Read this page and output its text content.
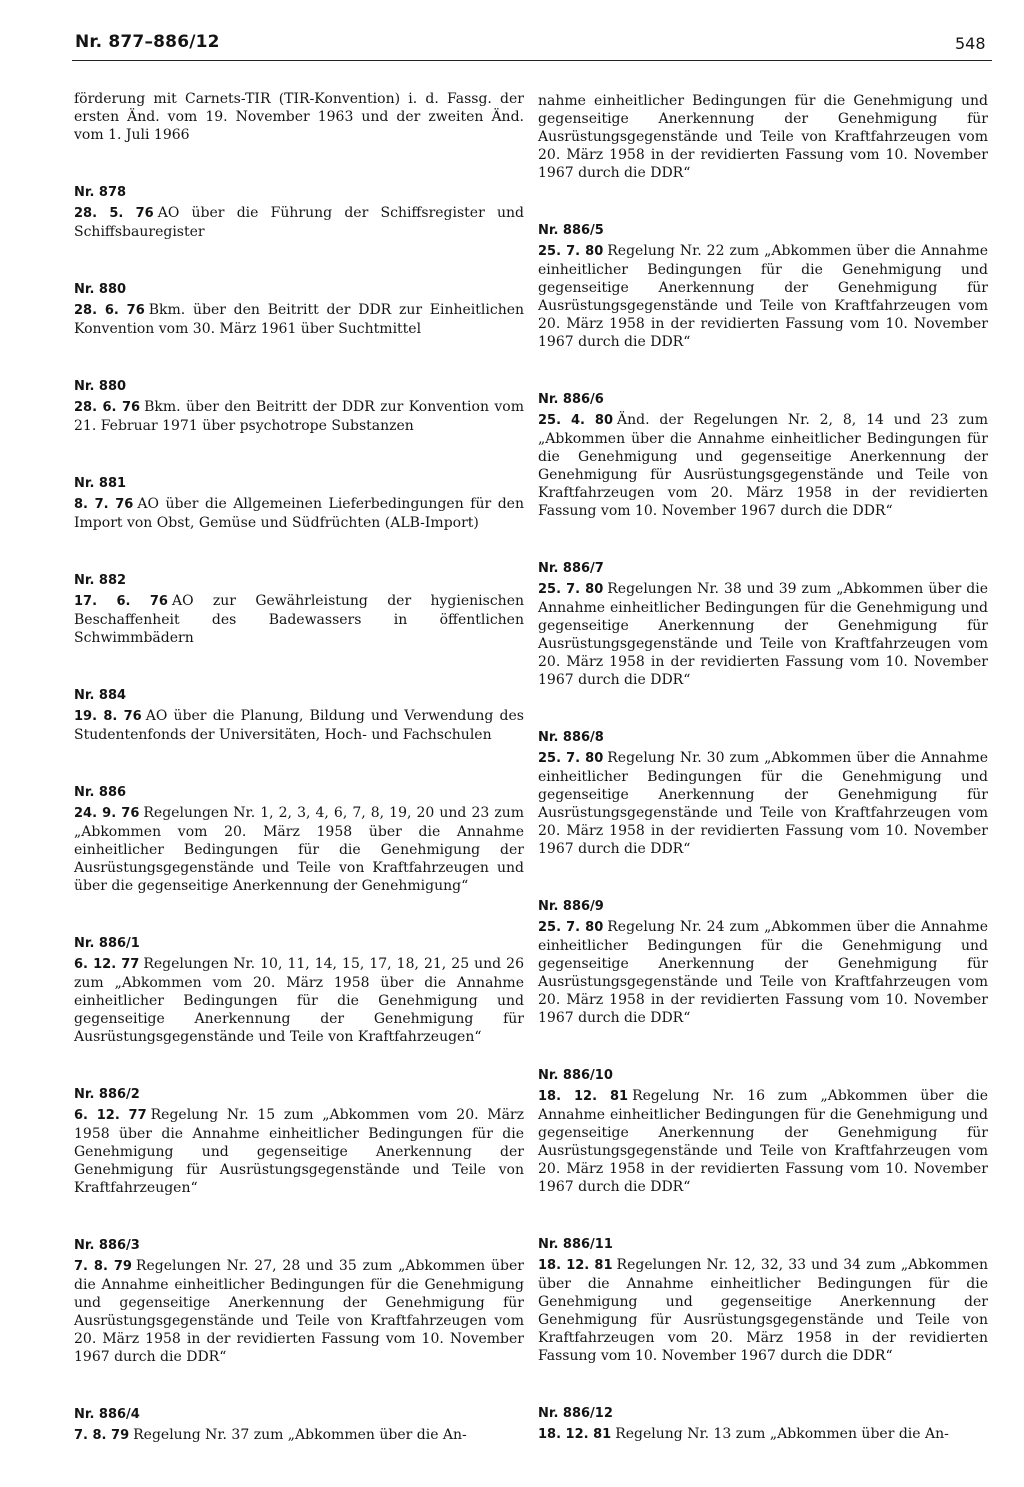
Nr. 877–886/12	548
förderung mit Carnets-TIR (TIR-Konvention) i. d. Fassg. der ersten Änd. vom 19. November 1963 und der zweiten Änd. vom 1. Juli 1966
Nr. 878
28. 5. 76 AO über die Führung der Schiffsregister und Schiffsbauregister
Nr. 880
28. 6. 76 Bkm. über den Beitritt der DDR zur Einheitlichen Konvention vom 30. März 1961 über Suchtmittel
Nr. 880
28. 6. 76 Bkm. über den Beitritt der DDR zur Konvention vom 21. Februar 1971 über psychotrope Substanzen
Nr. 881
8. 7. 76 AO über die Allgemeinen Lieferbedingungen für den Import von Obst, Gemüse und Südfrüchten (ALB-Import)
Nr. 882
17. 6. 76 AO zur Gewährleistung der hygienischen Beschaffenheit des Badewassers in öffentlichen Schwimmbädern
Nr. 884
19. 8. 76 AO über die Planung, Bildung und Verwendung des Studentenfonds der Universitäten, Hoch- und Fachschulen
Nr. 886
24. 9. 76 Regelungen Nr. 1, 2, 3, 4, 6, 7, 8, 19, 20 und 23 zum „Abkommen vom 20. März 1958 über die Annahme einheitlicher Bedingungen für die Genehmigung der Ausrüstungsgegenstände und Teile von Kraftfahrzeugen und über die gegenseitige Anerkennung der Genehmigung“
Nr. 886/1
6. 12. 77 Regelungen Nr. 10, 11, 14, 15, 17, 18, 21, 25 und 26 zum „Abkommen vom 20. März 1958 über die Annahme einheitlicher Bedingungen für die Genehmigung und gegenseitige Anerkennung der Genehmigung für Ausrüstungsgegenstände und Teile von Kraftfahrzeugen“
Nr. 886/2
6. 12. 77 Regelung Nr. 15 zum „Abkommen vom 20. März 1958 über die Annahme einheitlicher Bedingungen für die Genehmigung und gegenseitige Anerkennung der Genehmigung für Ausrüstungsgegenstände und Teile von Kraftfahrzeugen“
Nr. 886/3
7. 8. 79 Regelungen Nr. 27, 28 und 35 zum „Abkommen über die Annahme einheitlicher Bedingungen für die Genehmigung und gegenseitige Anerkennung der Genehmigung für Ausrüstungsgegenstände und Teile von Kraftfahrzeugen vom 20. März 1958 in der revidierten Fassung vom 10. November 1967 durch die DDR“
Nr. 886/4
7. 8. 79 Regelung Nr. 37 zum „Abkommen über die An-
nahme einheitlicher Bedingungen für die Genehmigung und gegenseitige Anerkennung der Genehmigung für Ausrüstungsgegenstände und Teile von Kraftfahrzeugen vom 20. März 1958 in der revidierten Fassung vom 10. November 1967 durch die DDR“
Nr. 886/5
25. 7. 80 Regelung Nr. 22 zum „Abkommen über die Annahme einheitlicher Bedingungen für die Genehmigung und gegenseitige Anerkennung der Genehmigung für Ausrüstungsgegenstände und Teile von Kraftfahrzeugen vom 20. März 1958 in der revidierten Fassung vom 10. November 1967 durch die DDR“
Nr. 886/6
25. 4. 80 Änd. der Regelungen Nr. 2, 8, 14 und 23 zum „Abkommen über die Annahme einheitlicher Bedingungen für die Genehmigung und gegenseitige Anerkennung der Genehmigung für Ausrüstungsgegenstände und Teile von Kraftfahrzeugen vom 20. März 1958 in der revidierten Fassung vom 10. November 1967 durch die DDR“
Nr. 886/7
25. 7. 80 Regelungen Nr. 38 und 39 zum „Abkommen über die Annahme einheitlicher Bedingungen für die Genehmigung und gegenseitige Anerkennung der Genehmigung für Ausrüstungsgegenstände und Teile von Kraftfahrzeugen vom 20. März 1958 in der revidierten Fassung vom 10. November 1967 durch die DDR“
Nr. 886/8
25. 7. 80 Regelung Nr. 30 zum „Abkommen über die Annahme einheitlicher Bedingungen für die Genehmigung und gegenseitige Anerkennung der Genehmigung für Ausrüstungsgegenstände und Teile von Kraftfahrzeugen vom 20. März 1958 in der revidierten Fassung vom 10. November 1967 durch die DDR“
Nr. 886/9
25. 7. 80 Regelung Nr. 24 zum „Abkommen über die Annahme einheitlicher Bedingungen für die Genehmigung und gegenseitige Anerkennung der Genehmigung für Ausrüstungsgegenstände und Teile von Kraftfahrzeugen vom 20. März 1958 in der revidierten Fassung vom 10. November 1967 durch die DDR“
Nr. 886/10
18. 12. 81 Regelung Nr. 16 zum „Abkommen über die Annahme einheitlicher Bedingungen für die Genehmigung und gegenseitige Anerkennung der Genehmigung für Ausrüstungsgegenstände und Teile von Kraftfahrzeugen vom 20. März 1958 in der revidierten Fassung vom 10. November 1967 durch die DDR“
Nr. 886/11
18. 12. 81 Regelungen Nr. 12, 32, 33 und 34 zum „Abkommen über die Annahme einheitlicher Bedingungen für die Genehmigung und gegenseitige Anerkennung der Genehmigung für Ausrüstungsgegenstände und Teile von Kraftfahrzeugen vom 20. März 1958 in der revidierten Fassung vom 10. November 1967 durch die DDR“
Nr. 886/12
18. 12. 81 Regelung Nr. 13 zum „Abkommen über die An-
